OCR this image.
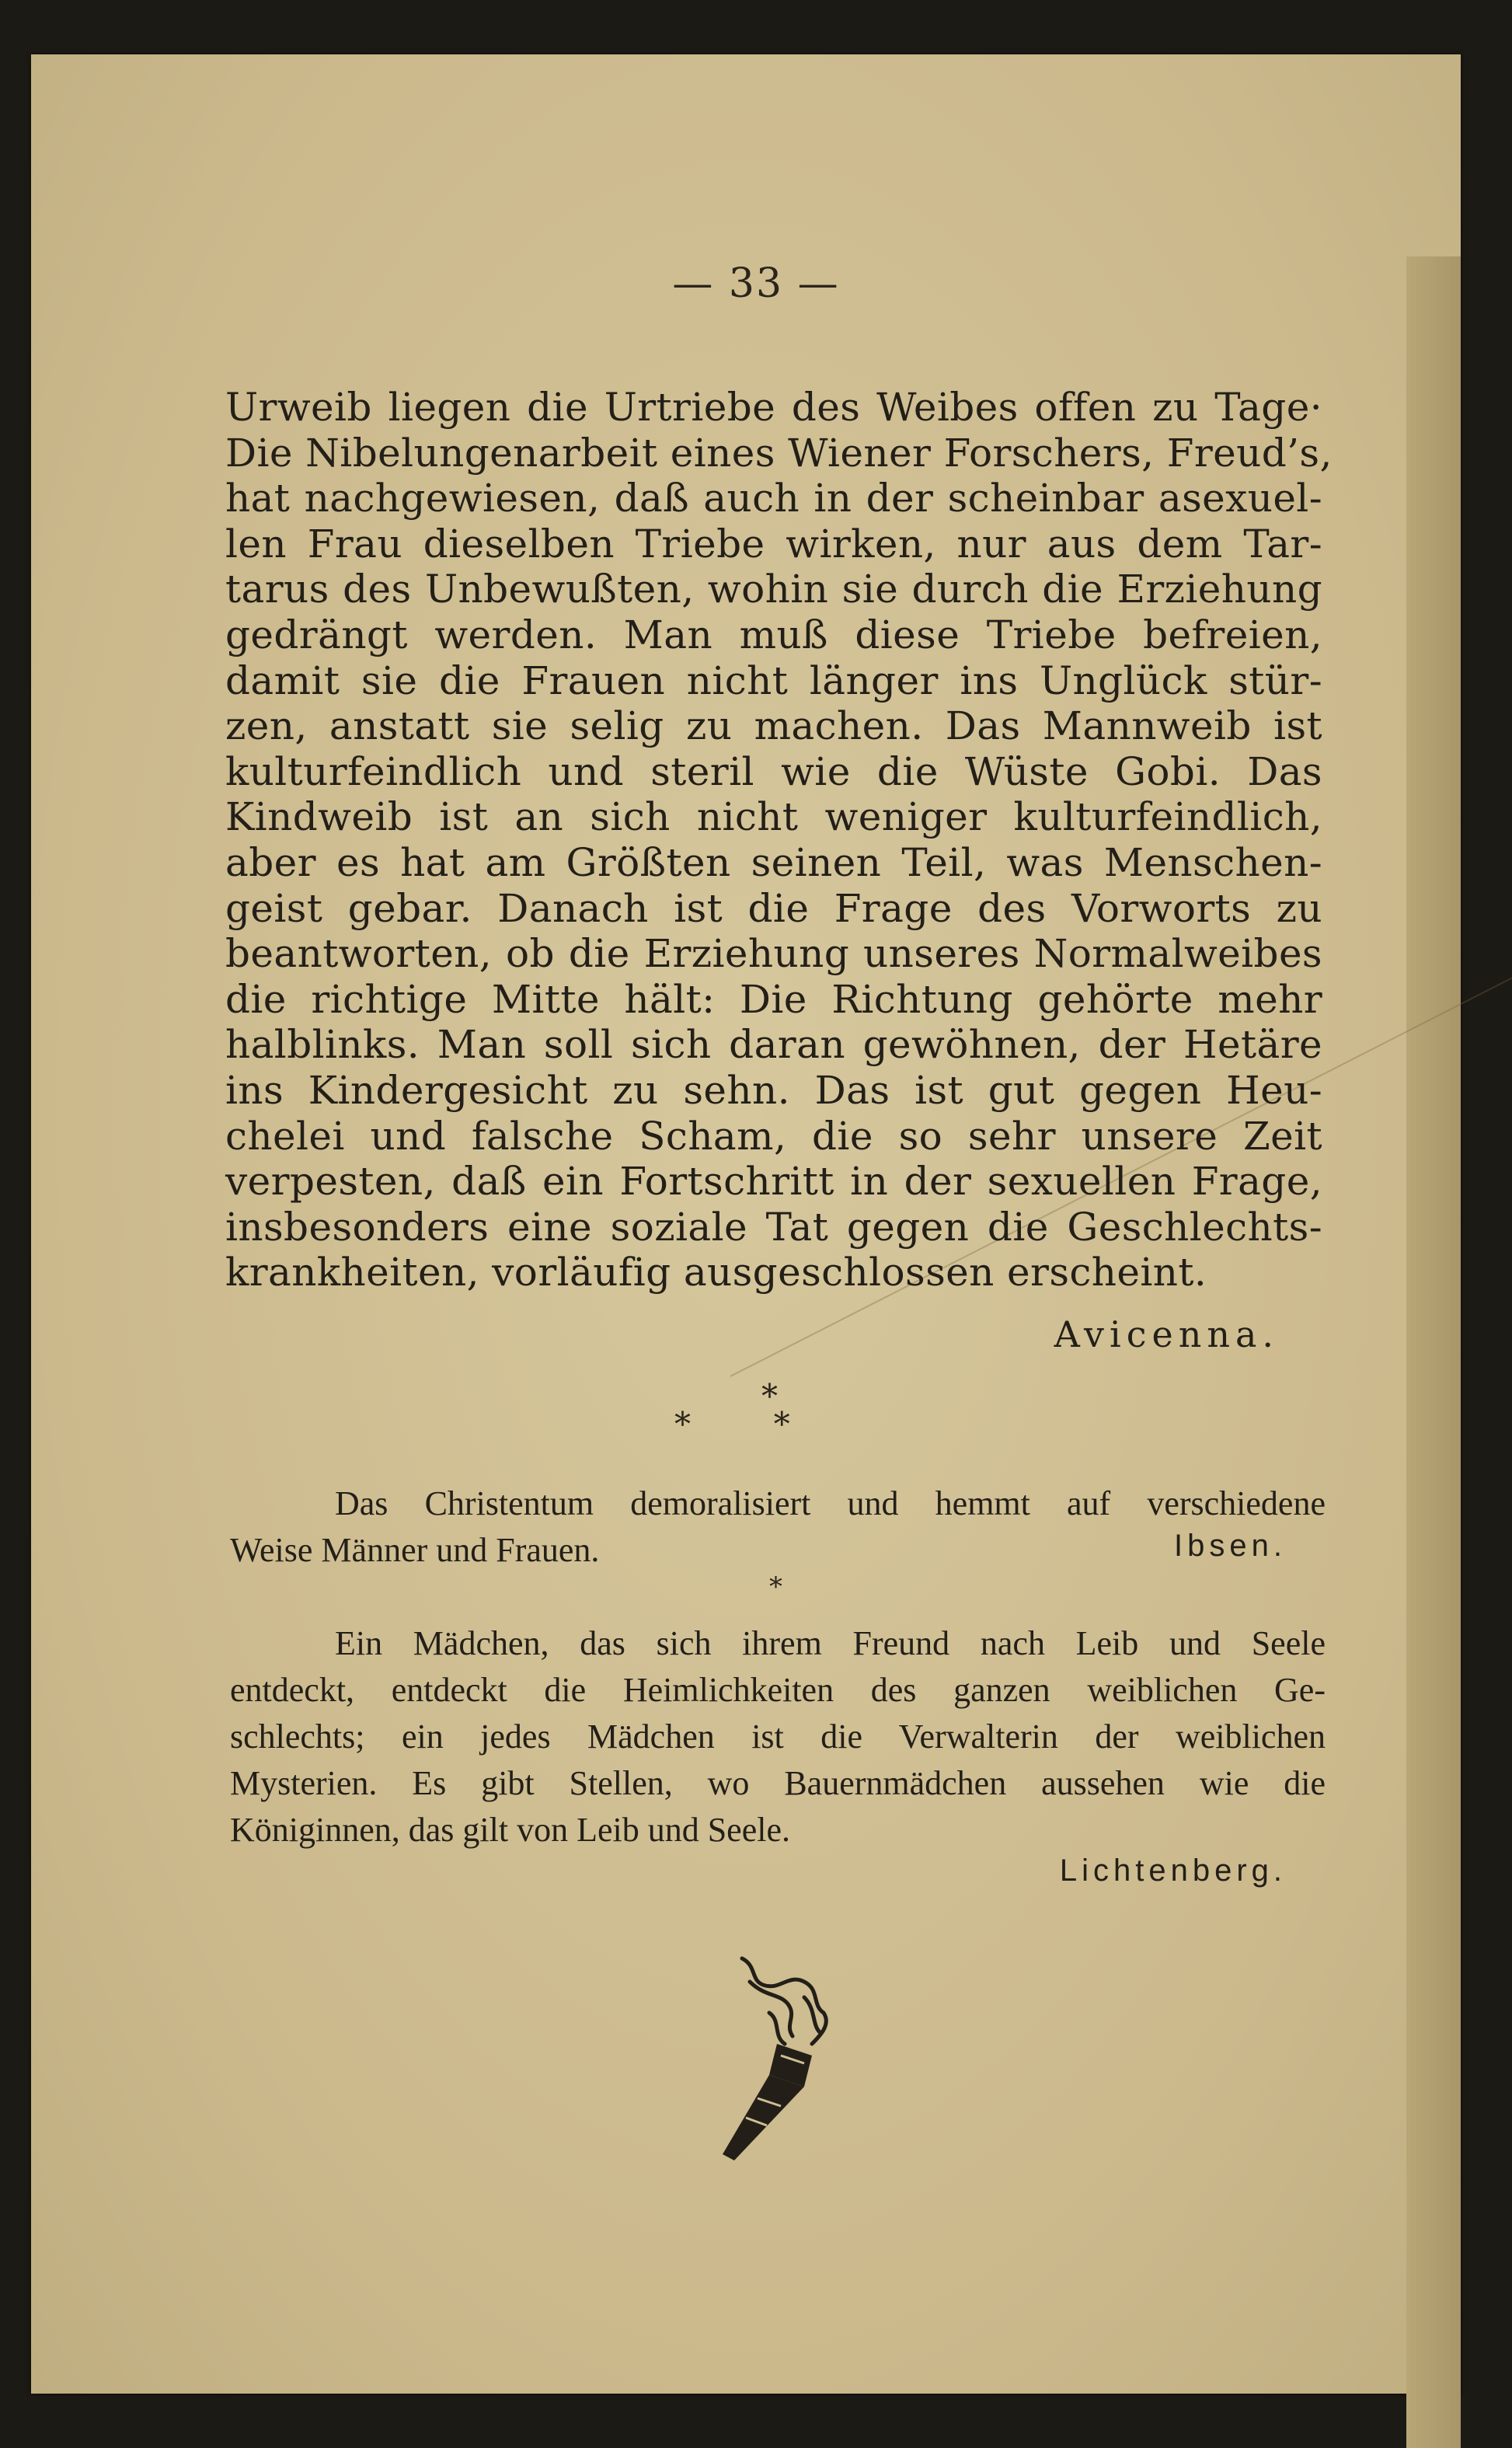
— 33 —
Urweib liegen die Urtriebe des Weibes offen zu Tage·
Die Nibelungenarbeit eines Wiener Forschers, Freud’s,
hat nachgewiesen, daß auch in der scheinbar asexuel-
len Frau dieselben Triebe wirken, nur aus dem Tar-
tarus des Unbewußten, wohin sie durch die Erziehung
gedrängt werden. Man muß diese Triebe befreien,
damit sie die Frauen nicht länger ins Unglück stür-
zen, anstatt sie selig zu machen. Das Mannweib ist
kulturfeindlich und steril wie die Wüste Gobi. Das
Kindweib ist an sich nicht weniger kulturfeindlich,
aber es hat am Größten seinen Teil, was Menschen-
geist gebar. Danach ist die Frage des Vorworts zu
beantworten, ob die Erziehung unseres Normalweibes
die richtige Mitte hält: Die Richtung gehörte mehr
halblinks. Man soll sich daran gewöhnen, der Hetäre
ins Kindergesicht zu sehn. Das ist gut gegen Heu-
chelei und falsche Scham, die so sehr unsere Zeit
verpesten, daß ein Fortschritt in der sexuellen Frage,
insbesonders eine soziale Tat gegen die Geschlechts-
krankheiten, vorläufig ausgeschlossen erscheint.
Avicenna.
*
*        *
Das Christentum demoralisiert und hemmt auf verschiedene
Weise Männer und Frauen.	Ibsen.
*
Ein Mädchen, das sich ihrem Freund nach Leib und Seele
entdeckt, entdeckt die Heimlichkeiten des ganzen weiblichen Ge-
schlechts; ein jedes Mädchen ist die Verwalterin der weiblichen
Mysterien. Es gibt Stellen, wo Bauernmädchen aussehen wie die
Königinnen, das gilt von Leib und Seele.
Lichtenberg.
